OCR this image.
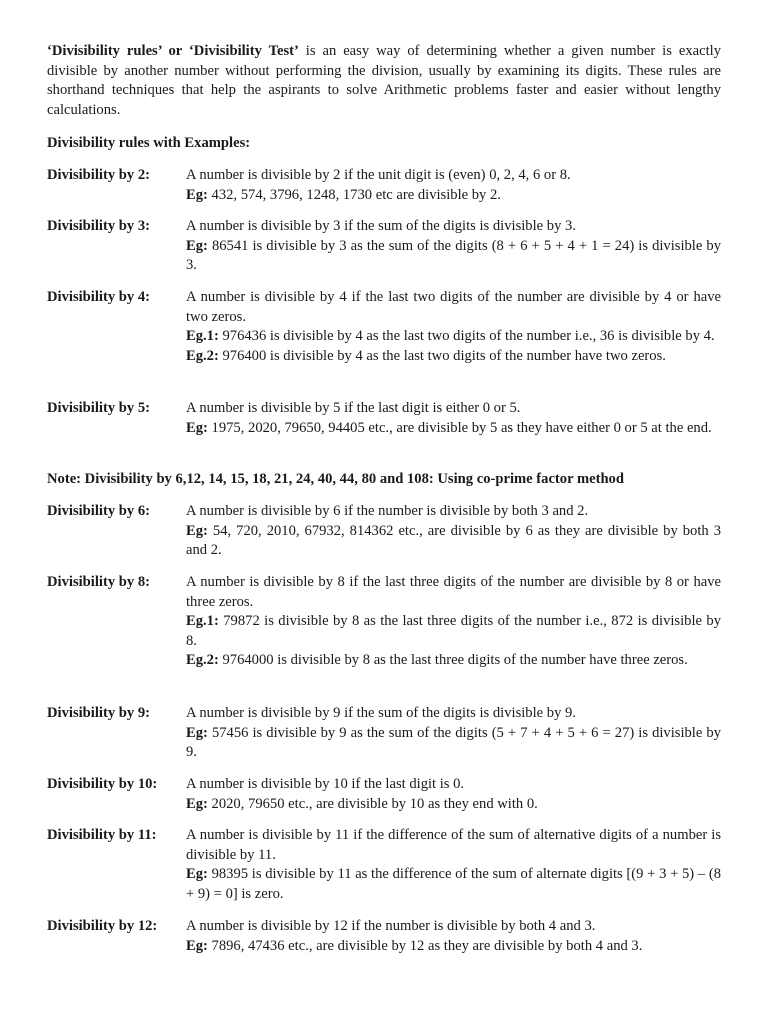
‘Divisibility rules’ or ‘Divisibility Test’ is an easy way of determining whether a given number is exactly divisible by another number without performing the division, usually by examining its digits. These rules are shorthand techniques that help the aspirants to solve Arithmetic problems faster and easier without lengthy calculations.

Divisibility rules with Examples:

Divisibility by 2:	A number is divisible by 2 if the unit digit is (even) 0, 2, 4, 6 or 8.
Eg: 432, 574, 3796, 1248, 1730 etc are divisible by 2.
Divisibility by 3:	A number is divisible by 3 if the sum of the digits is divisible by 3.
Eg: 86541 is divisible by 3 as the sum of the digits (8 + 6 + 5 + 4 + 1 = 24) is divisible by 3.
Divisibility by 4:	A number is divisible by 4 if the last two digits of the number are divisible by 4 or have two zeros.
Eg.1: 976436 is divisible by 4 as the last two digits of the number i.e., 36 is divisible by 4.
Eg.2: 976400 is divisible by 4 as the last two digits of the number have two zeros.
Divisibility by 5:	A number is divisible by 5 if the last digit is either 0 or 5.
Eg: 1975, 2020, 79650, 94405 etc., are divisible by 5 as they have either 0 or 5 at the end.

Note: Divisibility by 6,12, 14, 15, 18, 21, 24, 40, 44, 80 and 108: Using co-prime factor method

Divisibility by 6:	A number is divisible by 6 if the number is divisible by both 3 and 2.
Eg: 54, 720, 2010, 67932, 814362 etc., are divisible by 6 as they are divisible by both 3 and 2.
Divisibility by 8:	A number is divisible by 8 if the last three digits of the number are divisible by 8 or have three zeros.
Eg.1: 79872 is divisible by 8 as the last three digits of the number i.e., 872 is divisible by 8.
Eg.2: 9764000 is divisible by 8 as the last three digits of the number have three zeros.
Divisibility by 9:	A number is divisible by 9 if the sum of the digits is divisible by 9.
Eg: 57456 is divisible by 9 as the sum of the digits (5 + 7 + 4 + 5 + 6 = 27) is divisible by 9.
Divisibility by 10:	A number is divisible by 10 if the last digit is 0.
Eg: 2020, 79650 etc., are divisible by 10 as they end with 0.
Divisibility by 11:	A number is divisible by 11 if the difference of the sum of alternative digits of a number is divisible by 11.
Eg: 98395 is divisible by 11 as the difference of the sum of alternate digits [(9 + 3 + 5) – (8 + 9) = 0] is zero.
Divisibility by 12:	A number is divisible by 12 if the number is divisible by both 4 and 3.
Eg: 7896, 47436 etc., are divisible by 12 as they are divisible by both 4 and 3.
